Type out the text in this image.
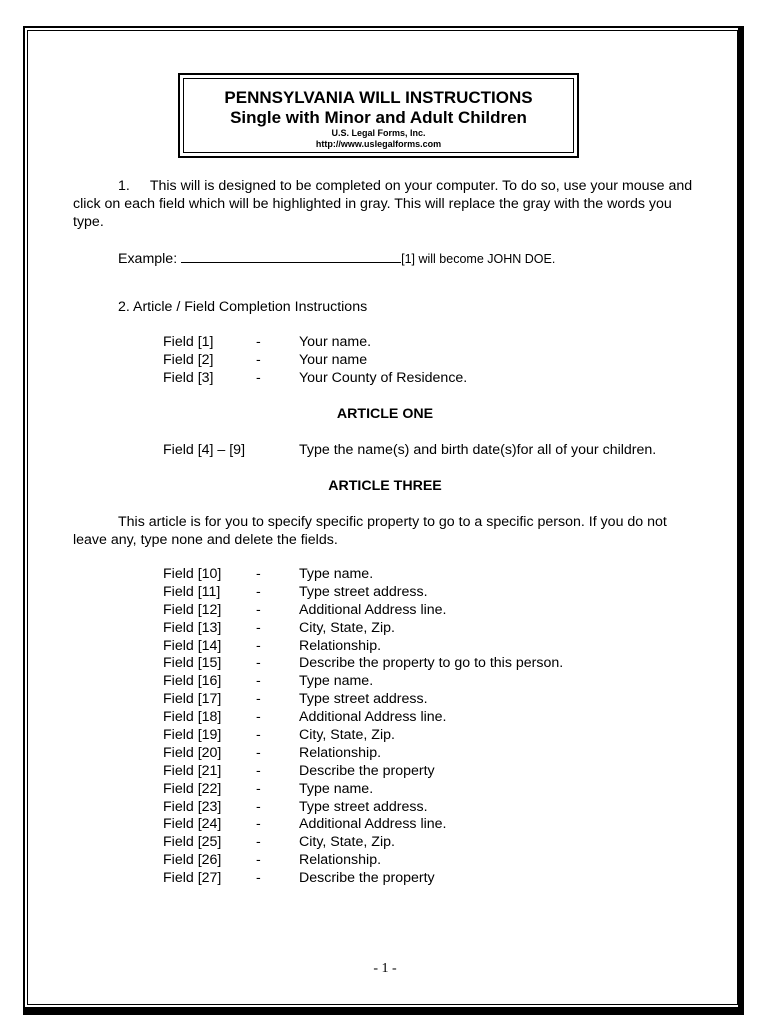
PENNSYLVANIA WILL INSTRUCTIONS
Single with Minor and Adult Children
U.S. Legal Forms, Inc.
http://www.uslegalforms.com
1. This will is designed to be completed on your computer. To do so, use your mouse and click on each field which will be highlighted in gray. This will replace the gray with the words you type.
Example:	[1] will become JOHN DOE.
2. Article / Field Completion Instructions
Field [1]	-	Your name.
Field [2]	-	Your name
Field [3]	-	Your County of Residence.
ARTICLE ONE
Field [4] – [9]	Type the name(s) and birth date(s)for all of your children.
ARTICLE THREE
This article is for you to specify specific property to go to a specific person. If you do not leave any, type none and delete the fields.
Field [10] -	Type name.
Field [11]	-	Type street address.
Field [12] -	Additional Address line.
Field [13] -	City, State, Zip.
Field [14] -	Relationship.
Field [15] -	Describe the property to go to this person.
Field [16] -	Type name.
Field [17] -	Type street address.
Field [18] -	Additional Address line.
Field [19] -	City, State, Zip.
Field [20] -	Relationship.
Field [21] -	Describe the property
Field [22] -	Type name.
Field [23] -	Type street address.
Field [24] -	Additional Address line.
Field [25] -	City, State, Zip.
Field [26] -	Relationship.
Field [27] -	Describe the property
- 1 -
